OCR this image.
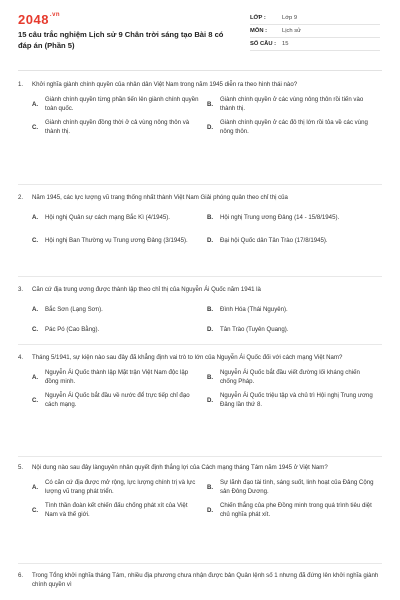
$2048^{.vn}$
15 câu trắc nghiệm Lịch sử 9 Chân trời sáng tạo Bài 8 có đáp án (Phần 5)
LỚP :	Lớp 9
MÔN :	Lịch sử
SỐ CÂU :	15
1.	Khởi nghĩa giành chính quyền của nhân dân Việt Nam trong năm 1945 diễn ra theo hình thái nào?
A.
Giành chính quyền từng phần tiến lên giành chính quyền toàn quốc.
B.
Giành chính quyền ở các vùng nông thôn rồi tiến vào thành thị.
C.
Giành chính quyền đồng thời ở cả vùng nông thôn và thành thị.
D.
Giành chính quyền ở các đô thị lớn rồi tỏa về các vùng nông thôn.
2.	Năm 1945, các lực lượng vũ trang thống nhất thành Việt Nam Giải phóng quân theo chỉ thị của
A.	Hội nghị Quân sự cách mạng Bắc Kì (4/1945).	B.	Hội nghị Trung ương Đảng (14 - 15/8/1945).
C.	Hội nghị Ban Thường vụ Trung ương Đảng (3/1945).	D.	Đại hội Quốc dân Tân Trào (17/8/1945).
3.	Căn cứ địa trung ương được thành lập theo chỉ thị của Nguyễn Ái Quốc năm 1941 là
A.	Bắc Sơn (Lạng Sơn).	B.	Đình Hóa (Thái Nguyên).
C.	Pác Pó (Cao Bằng).	D.	Tân Trào (Tuyên Quang).
4.	Tháng 5/1941, sự kiện nào sau đây đã khẳng định vai trò to lớn của Nguyễn Ái Quốc đối với cách mạng Việt Nam?
A.
Nguyễn Ái Quốc thành lập Mặt trận Việt Nam độc lập đồng minh.
B.
Nguyễn Ái Quốc bắt đầu viết đường lối kháng chiến chống Pháp.
C.
Nguyễn Ái Quốc bắt đầu về nước để trực tiếp chỉ đạo cách mạng.
D.
Nguyễn Ái Quốc triệu tập và chủ trì Hội nghị Trung ương Đảng lần thứ 8.
5.	Nội dung nào sau đây lànguyên nhân quyết định thắng lợi của Cách mạng tháng Tám năm 1945 ở Việt Nam?
A.
Có căn cứ địa được mở rộng, lực lượng chính trị và lực lượng vũ trang phát triển.
B.
Sự lãnh đạo tài tình, sáng suốt, linh hoạt của Đảng Cộng sản Đông Dương.
C.
Tình thần đoàn kết chiến đấu chống phát xít của Việt Nam và thế giới.
D.
Chiến thắng của phe Đồng minh trong quá trình tiêu diệt chủ nghĩa phát xít.
6.	Trong Tổng khởi nghĩa tháng Tám, nhiều địa phương chưa nhận được bản Quân lệnh số 1 nhưng đã đứng lên khởi nghĩa giành chính quyền vì
